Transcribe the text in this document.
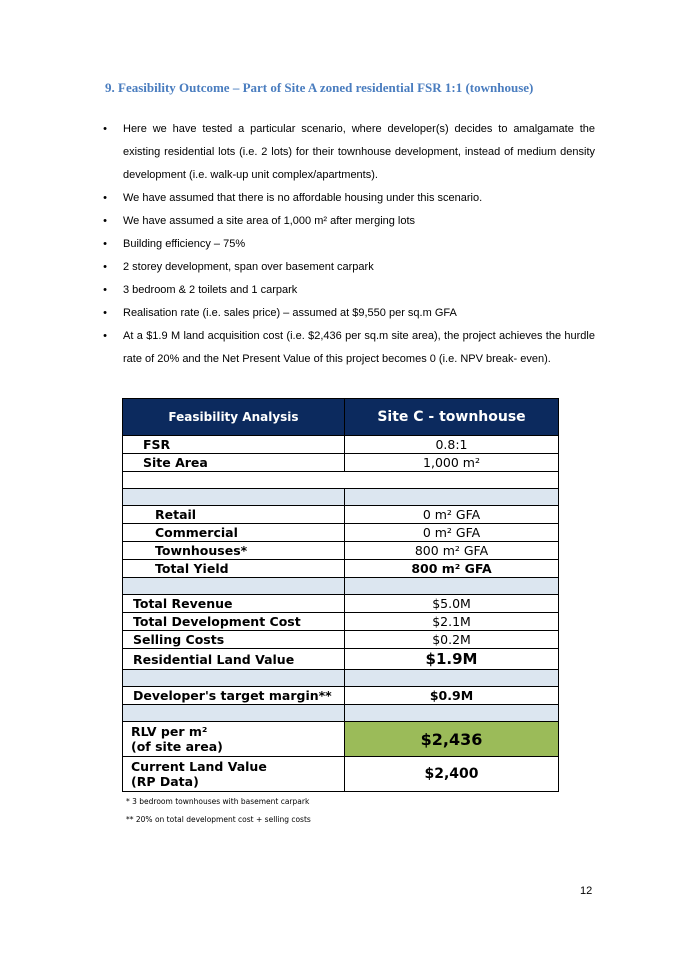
9. Feasibility Outcome – Part of Site A zoned residential FSR 1:1 (townhouse)
• Here we have tested a particular scenario, where developer(s) decides to amalgamate the existing residential lots (i.e. 2 lots) for their townhouse development, instead of medium density development (i.e. walk-up unit complex/apartments).
• We have assumed that there is no affordable housing under this scenario.
• We have assumed a site area of 1,000 m² after merging lots
• Building efficiency – 75%
• 2 storey development, span over basement carpark
• 3 bedroom & 2 toilets and 1 carpark
• Realisation rate (i.e. sales price) – assumed at $9,550 per sq.m GFA
• At a $1.9 M land acquisition cost (i.e. $2,436 per sq.m site area), the project achieves the hurdle rate of 20% and the Net Present Value of this project becomes 0 (i.e. NPV break- even).
Feasibility Analysis	Site C - townhouse
FSR	0.8:1
Site Area	1,000 m²

Retail	0 m² GFA
Commercial	0 m² GFA
Townhouses*	800 m² GFA
Total Yield	800 m² GFA

Total Revenue	$5.0M
Total Development Cost	$2.1M
Selling Costs	$0.2M
Residential Land Value	$1.9M

Developer's target margin**	$0.9M

RLV per m²
(of site area)	$2,436

Current Land Value
(RP Data)	$2,400
* 3 bedroom townhouses with basement carpark
** 20% on total development cost + selling costs
12
